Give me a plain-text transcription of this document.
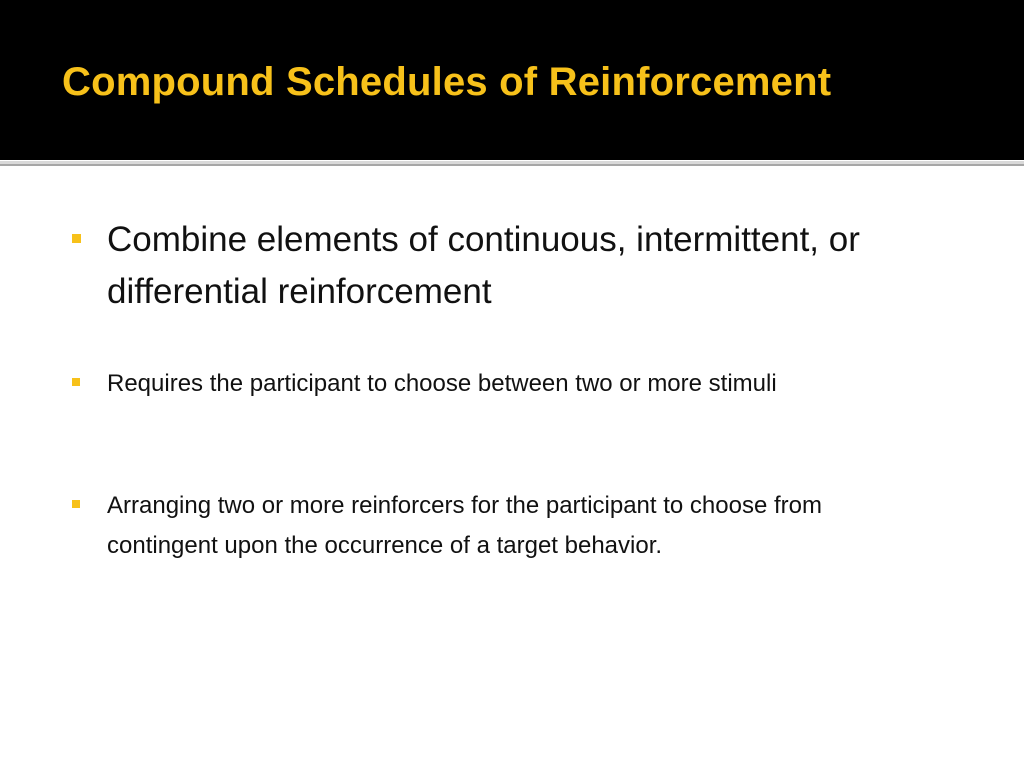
Compound Schedules of Reinforcement
Combine elements of continuous, intermittent, or differential reinforcement
Requires the participant to choose between two or more stimuli
Arranging two or more reinforcers for the participant to choose from contingent upon the occurrence of a target behavior.
